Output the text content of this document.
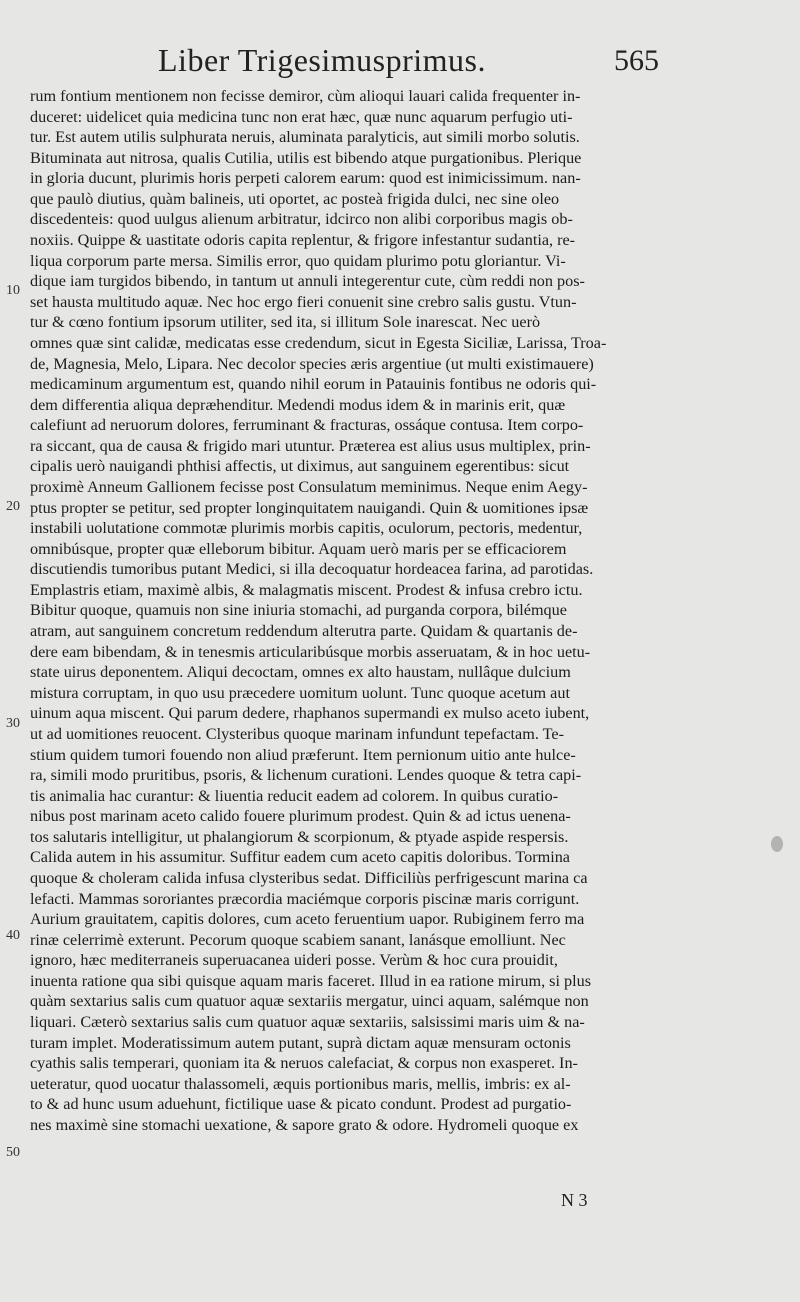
Liber Trigesimusprimus.	565
rum fontium mentionem non fecisse demiror, cùm alioqui lauari calida frequenter in-
duceret: uidelicet quia medicina tunc non erat hæc, quæ nunc aquarum perfugio uti-
tur. Est autem utilis sulphurata neruis, aluminata paralyticis, aut simili morbo solutis.
Bituminata aut nitrosa, qualis Cutilia, utilis est bibendo atque purgationibus. Plerique
in gloria ducunt, plurimis horis perpeti calorem earum: quod est inimicissimum. nan-
que paulò diutius, quàm balineis, uti oportet, ac posteà frigida dulci, nec sine oleo
discedenteis: quod uulgus alienum arbitratur, idcirco non alibi corporibus magis ob-
noxiis. Quippe & uastitate odoris capita replentur, & frigore infestantur sudantia, re-
liqua corporum parte mersa. Similis error, quo quidam plurimo potu gloriantur. Vi-
dique iam turgidos bibendo, in tantum ut annuli integerentur cute, cùm reddi non pos-
set hausta multitudo aquæ. Nec hoc ergo fieri conuenit sine crebro salis gustu. Vtun-
tur & cœno fontium ipsorum utiliter, sed ita, si illitum Sole inarescat. Nec uerò
omnes quæ sint calidæ, medicatas esse credendum, sicut in Egesta Siciliæ, Larissa, Troa-
de, Magnesia, Melo, Lipara. Nec decolor species æris argentiue (ut multi existimauere)
medicaminum argumentum est, quando nihil eorum in Patauinis fontibus ne odoris qui-
dem differentia aliqua depræhenditur. Medendi modus idem & in marinis erit, quæ
calefiunt ad neruorum dolores, ferruminant & fracturas, ossáque contusa. Item corpo-
ra siccant, qua de causa & frigido mari utuntur. Præterea est alius usus multiplex, prin-
cipalis uerò nauigandi phthisi affectis, ut diximus, aut sanguinem egerentibus: sicut
proximè Anneum Gallionem fecisse post Consulatum meminimus. Neque enim Aegy-
ptus propter se petitur, sed propter longinquitatem nauigandi. Quin & uomitiones ipsæ
instabili uolutatione commotæ plurimis morbis capitis, oculorum, pectoris, medentur,
omnibúsque, propter quæ elleborum bibitur. Aquam uerò maris per se efficaciorem
discutiendis tumoribus putant Medici, si illa decoquatur hordeacea farina, ad parotidas.
Emplastris etiam, maximè albis, & malagmatis miscent. Prodest & infusa crebro ictu.
Bibitur quoque, quamuis non sine iniuria stomachi, ad purganda corpora, bilémque
atram, aut sanguinem concretum reddendum alterutra parte. Quidam & quartanis de-
dere eam bibendam, & in tenesmis articularibúsque morbis asseruatam, & in hoc uetu-
state uirus deponentem. Aliqui decoctam, omnes ex alto haustam, nullâque dulcium
mistura corruptam, in quo usu præcedere uomitum uolunt. Tunc quoque acetum aut
uinum aqua miscent. Qui parum dedere, rhaphanos supermandi ex mulso aceto iubent,
ut ad uomitiones reuocent. Clysteribus quoque marinam infundunt tepefactam. Te-
stium quidem tumori fouendo non aliud præferunt. Item pernionum uitio ante hulce-
ra, simili modo pruritibus, psoris, & lichenum curationi. Lendes quoque & tetra capi-
tis animalia hac curantur: & liuentia reducit eadem ad colorem. In quibus curatio-
nibus post marinam aceto calido fouere plurimum prodest. Quin & ad ictus uenena-
tos salutaris intelligitur, ut phalangiorum & scorpionum, & ptyade aspide respersis.
Calida autem in his assumitur. Suffitur eadem cum aceto capitis doloribus. Tormina
quoque & choleram calida infusa clysteribus sedat. Difficiliùs perfrigescunt marina ca
lefacti. Mammas sororiantes præcordia maciémque corporis piscinæ maris corrigunt.
Aurium grauitatem, capitis dolores, cum aceto feruentium uapor. Rubiginem ferro ma
rinæ celerrimè exterunt. Pecorum quoque scabiem sanant, lanásque emolliunt. Nec
ignoro, hæc mediterraneis superuacanea uideri posse. Verùm & hoc cura prouidit,
inuenta ratione qua sibi quisque aquam maris faceret. Illud in ea ratione mirum, si plus
quàm sextarius salis cum quatuor aquæ sextariis mergatur, uinci aquam, salémque non
liquari. Cæterò sextarius salis cum quatuor aquæ sextariis, salsissimi maris uim & na-
turam implet. Moderatissimum autem putant, suprà dictam aquæ mensuram octonis
cyathis salis temperari, quoniam ita & neruos calefaciat, & corpus non exasperet. In-
ueteratur, quod uocatur thalassomeli, æquis portionibus maris, mellis, imbris: ex al-
to & ad hunc usum aduehunt, fictilique uase & picato condunt. Prodest ad purgatio-
nes maximè sine stomachi uexatione, & sapore grato & odore. Hydromeli quoque ex
10
20
30
40
50
N 3
